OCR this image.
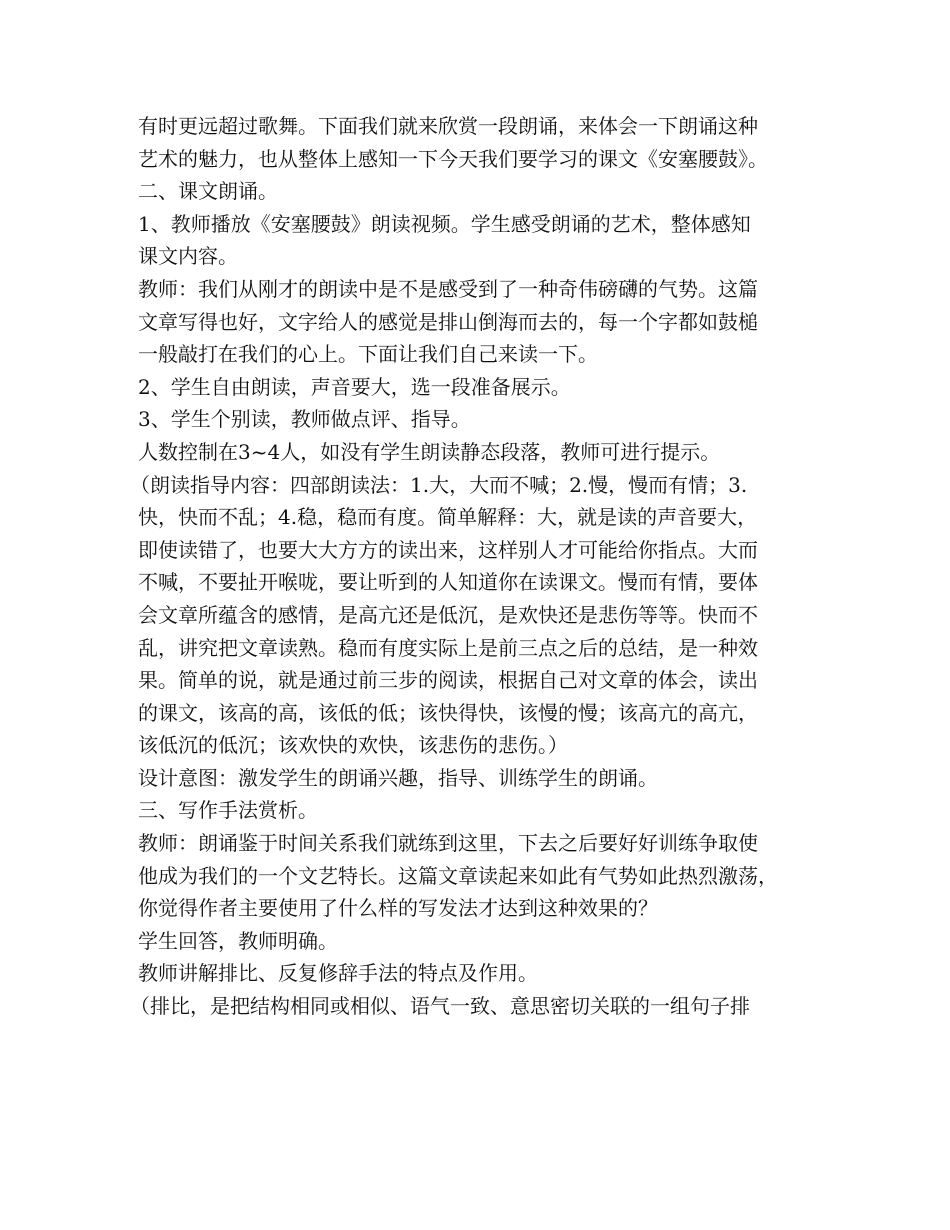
有时更远超过歌舞。下面我们就来欣赏一段朗诵，来体会一下朗诵这种
艺术的魅力，也从整体上感知一下今天我们要学习的课文《安塞腰鼓》。
二、课文朗诵。
1、教师播放《安塞腰鼓》朗读视频。学生感受朗诵的艺术，整体感知
课文内容。
教师：我们从刚才的朗读中是不是感受到了一种奇伟磅礴的气势。这篇
文章写得也好，文字给人的感觉是排山倒海而去的，每一个字都如鼓槌
一般敲打在我们的心上。下面让我们自己来读一下。
2、学生自由朗读，声音要大，选一段准备展示。
3、学生个别读，教师做点评、指导。
人数控制在3~4人，如没有学生朗读静态段落，教师可进行提示。
（朗读指导内容：四部朗读法：1.大，大而不喊；2.慢，慢而有情；3.
快，快而不乱；4.稳，稳而有度。简单解释：大，就是读的声音要大，
即使读错了，也要大大方方的读出来，这样别人才可能给你指点。大而
不喊，不要扯开喉咙，要让听到的人知道你在读课文。慢而有情，要体
会文章所蕴含的感情，是高亢还是低沉，是欢快还是悲伤等等。快而不
乱，讲究把文章读熟。稳而有度实际上是前三点之后的总结，是一种效
果。简单的说，就是通过前三步的阅读，根据自己对文章的体会，读出
的课文，该高的高，该低的低；该快得快，该慢的慢；该高亢的高亢，
该低沉的低沉；该欢快的欢快，该悲伤的悲伤。）
设计意图：激发学生的朗诵兴趣，指导、训练学生的朗诵。
三、写作手法赏析。
教师：朗诵鉴于时间关系我们就练到这里，下去之后要好好训练争取使
他成为我们的一个文艺特长。这篇文章读起来如此有气势如此热烈激荡，
你觉得作者主要使用了什么样的写发法才达到这种效果的？
学生回答，教师明确。
教师讲解排比、反复修辞手法的特点及作用。
（排比，是把结构相同或相似、语气一致、意思密切关联的一组句子排
